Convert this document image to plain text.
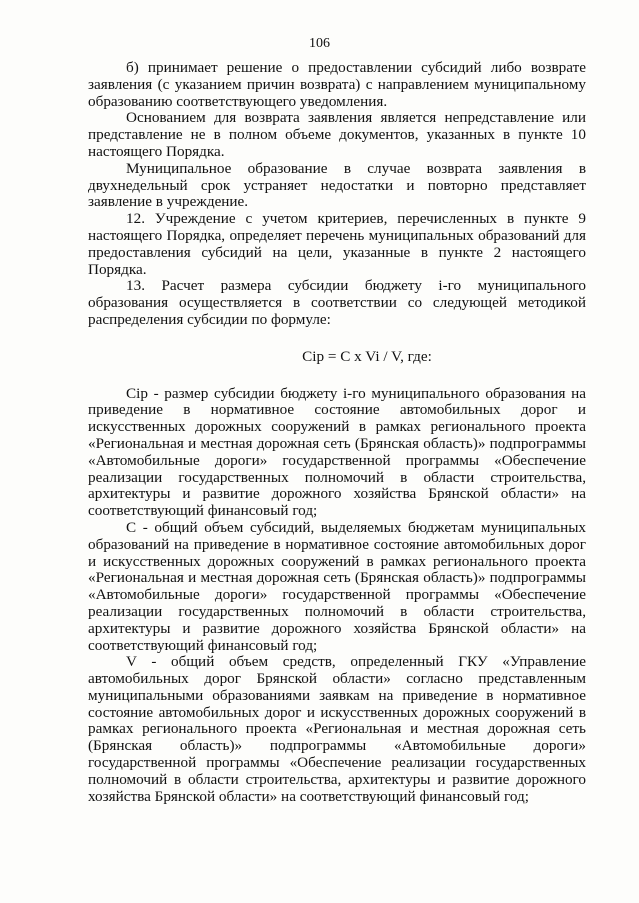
106

б) принимает решение о предоставлении субсидий либо возврате заявления (с указанием причин возврата) с направлением муниципальному образованию соответствующего уведомления.

Основанием для возврата заявления является непредставление или представление не в полном объеме документов, указанных в пункте 10 настоящего Порядка.

Муниципальное образование в случае возврата заявления в двухнедельный срок устраняет недостатки и повторно представляет заявление в учреждение.

12. Учреждение с учетом критериев, перечисленных в пункте 9 настоящего Порядка, определяет перечень муниципальных образований для предоставления субсидий на цели, указанные в пункте 2 настоящего Порядка.

13. Расчет размера субсидии бюджету i-го муниципального образования осуществляется в соответствии со следующей методикой распределения субсидии по формуле:

Cip = C x Vi / V, где:

Cip - размер субсидии бюджету i-го муниципального образования на приведение в нормативное состояние автомобильных дорог и искусственных дорожных сооружений в рамках регионального проекта «Региональная и местная дорожная сеть (Брянская область)» подпрограммы «Автомобильные дороги» государственной программы «Обеспечение реализации государственных полномочий в области строительства, архитектуры и развитие дорожного хозяйства Брянской области» на соответствующий финансовый год;

C - общий объем субсидий, выделяемых бюджетам муниципальных образований на приведение в нормативное состояние автомобильных дорог и искусственных дорожных сооружений в рамках регионального проекта «Региональная и местная дорожная сеть (Брянская область)» подпрограммы «Автомобильные дороги» государственной программы «Обеспечение реализации государственных полномочий в области строительства, архитектуры и развитие дорожного хозяйства Брянской области» на соответствующий финансовый год;

V - общий объем средств, определенный ГКУ «Управление автомобильных дорог Брянской области» согласно представленным муниципальными образованиями заявкам на приведение в нормативное состояние автомобильных дорог и искусственных дорожных сооружений в рамках регионального проекта «Региональная и местная дорожная сеть (Брянская область)» подпрограммы «Автомобильные дороги» государственной программы «Обеспечение реализации государственных полномочий в области строительства, архитектуры и развитие дорожного хозяйства Брянской области» на соответствующий финансовый год;
